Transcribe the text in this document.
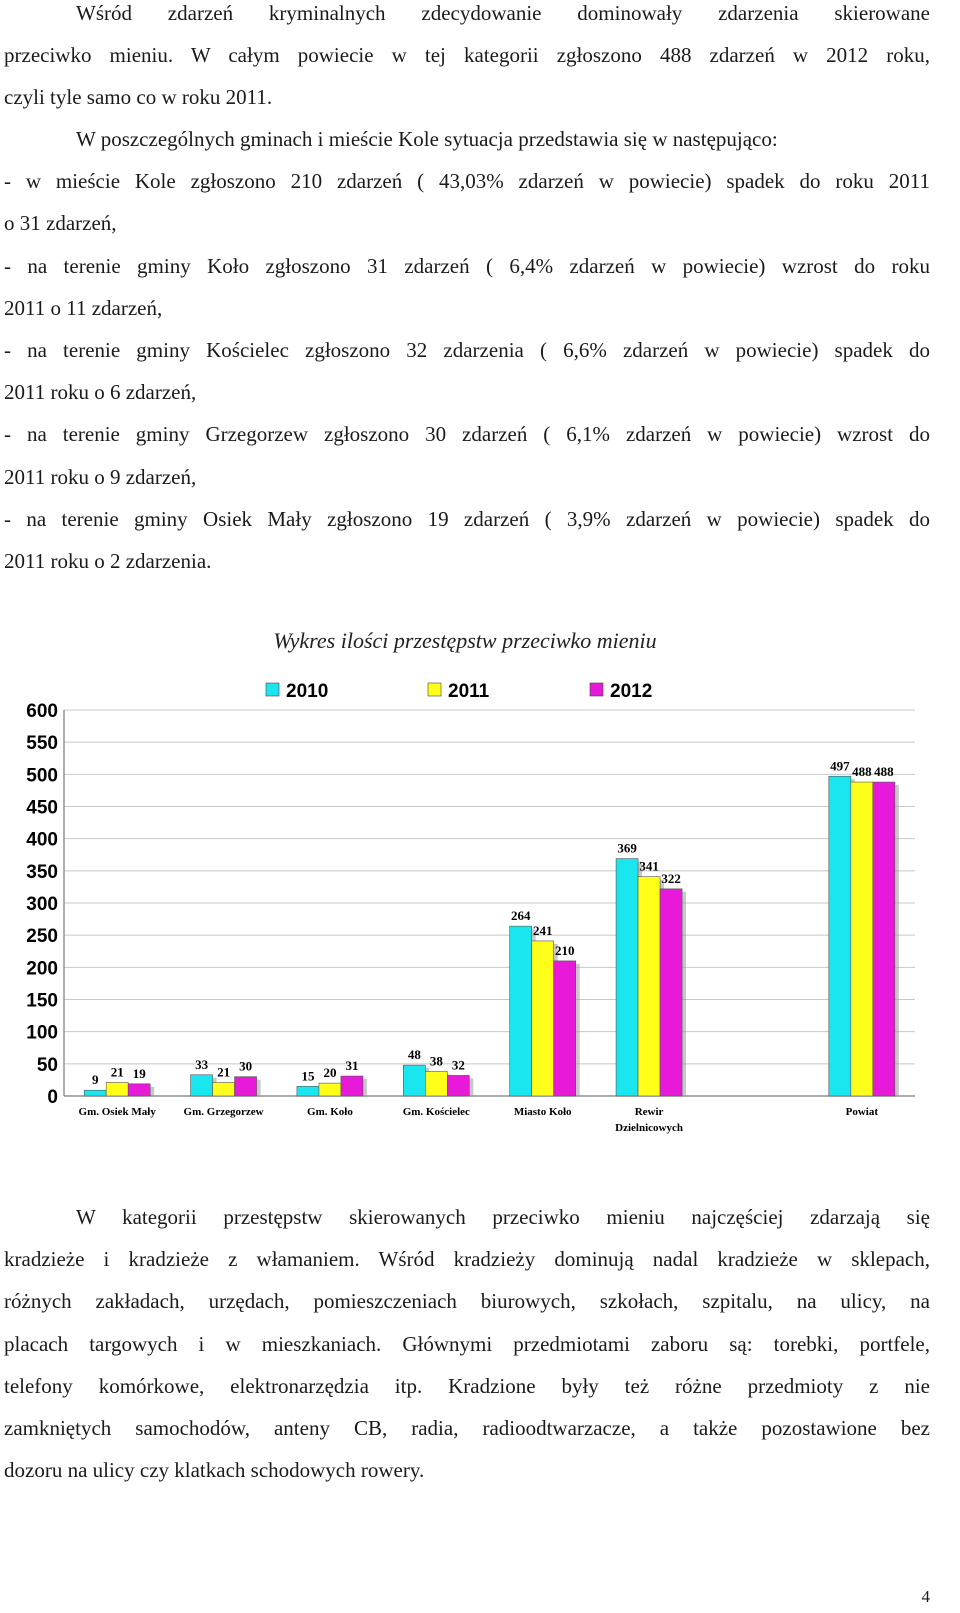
Wśród zdarzeń kryminalnych zdecydowanie dominowały zdarzenia skierowane
przeciwko mieniu. W całym powiecie w tej kategorii zgłoszono 488 zdarzeń w 2012 roku,
czyli tyle samo co w roku 2011.
W poszczególnych gminach i mieście Kole sytuacja przedstawia się w następująco:
- w mieście Kole zgłoszono 210 zdarzeń ( 43,03% zdarzeń w powiecie) spadek do roku 2011
o 31 zdarzeń,
- na terenie gminy Koło zgłoszono 31 zdarzeń ( 6,4% zdarzeń w powiecie) wzrost do roku
2011 o 11 zdarzeń,
- na terenie gminy Kościelec zgłoszono 32 zdarzenia ( 6,6% zdarzeń w powiecie) spadek do
2011 roku o 6 zdarzeń,
- na terenie gminy Grzegorzew zgłoszono 30 zdarzeń ( 6,1% zdarzeń w powiecie) wzrost do
2011 roku o 9 zdarzeń,
- na terenie gminy Osiek Mały zgłoszono 19 zdarzeń ( 3,9% zdarzeń w powiecie) spadek do
2011 roku o 2 zdarzenia.
Wykres ilości przestępstw przeciwko mieniu
0
50
100
150
200
250
300
350
400
450
500
550
600
9
21 19
Gm. Osiek Mały
33
21 30
Gm. Grzegorzew
15 20 31
Gm. Koło
48 38 32
Gm. Kościelec
264
241
210
Miasto Koło
369
341
322
Rewir
Dzielnicowych
497 488 488
Powiat
2010	2011	2012
W kategorii przestępstw skierowanych przeciwko mieniu najczęściej zdarzają się
kradzieże i kradzieże z włamaniem. Wśród kradzieży dominują nadal kradzieże w sklepach,
różnych zakładach, urzędach, pomieszczeniach biurowych, szkołach, szpitalu, na ulicy, na
placach targowych i w mieszkaniach. Głównymi przedmiotami zaboru są: torebki, portfele,
telefony komórkowe, elektronarzędzia itp. Kradzione były też różne przedmioty z nie
zamkniętych samochodów, anteny CB, radia, radioodtwarzacze, a także pozostawione bez
dozoru na ulicy czy klatkach schodowych rowery.
4
